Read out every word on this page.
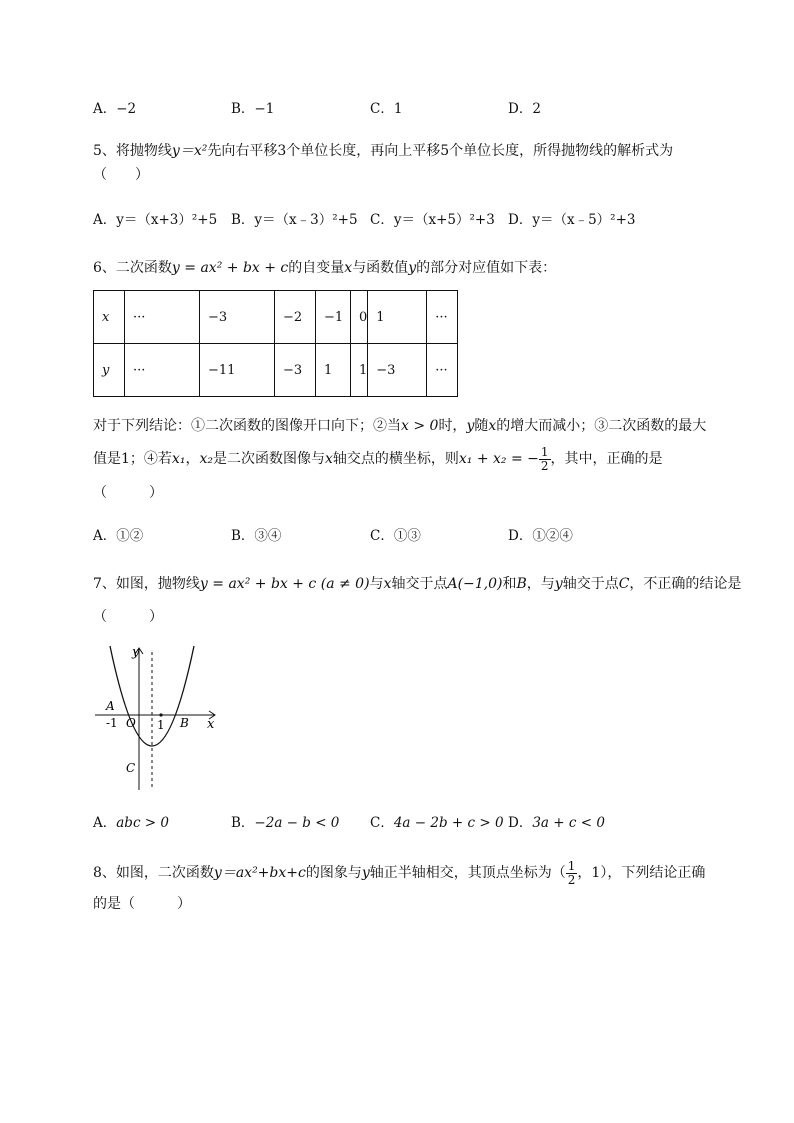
A．−2	B．−1	C．1	D．2
5、将抛物线y＝x²先向右平移3个单位长度，再向上平移5个单位长度，所得抛物线的解析式为
（　　）
A．y＝（x+3）²+5 B．y＝（x﹣3）²+5 C．y＝（x+5）²+3 D．y＝（x﹣5）²+3
6、二次函数y = ax² + bx + c的自变量x与函数值y的部分对应值如下表：
x	···	−3	−2	−1	0	1	···
y	···	−11	−3	1	1	−3	···
对于下列结论：①二次函数的图像开口向下；②当x > 0时，y随x的增大而减小；③二次函数的最大
值是1；④若x₁，x₂是二次函数图像与x轴交点的横坐标，则x₁ + x₂ = − $\frac{1}{2}$ ，其中，正确的是
（　　　）
A．①②	B．③④	C．①③	D．①②④
7、如图，抛物线y = ax² + bx + c (a ≠ 0)与x轴交于点A(−1,0)和B，与y轴交于点C，不正确的结论是
（　　　）
y
x
A
-1 O 1 B
C
A．abc > 0	B．−2a − b < 0 C．4a − 2b + c > 0 D．3a + c < 0
8、如图，二次函数y＝ax²+bx+c的图象与y轴正半轴相交，其顶点坐标为（ $\frac{1}{2}$ ，1），下列结论正确
的是（　　　）
